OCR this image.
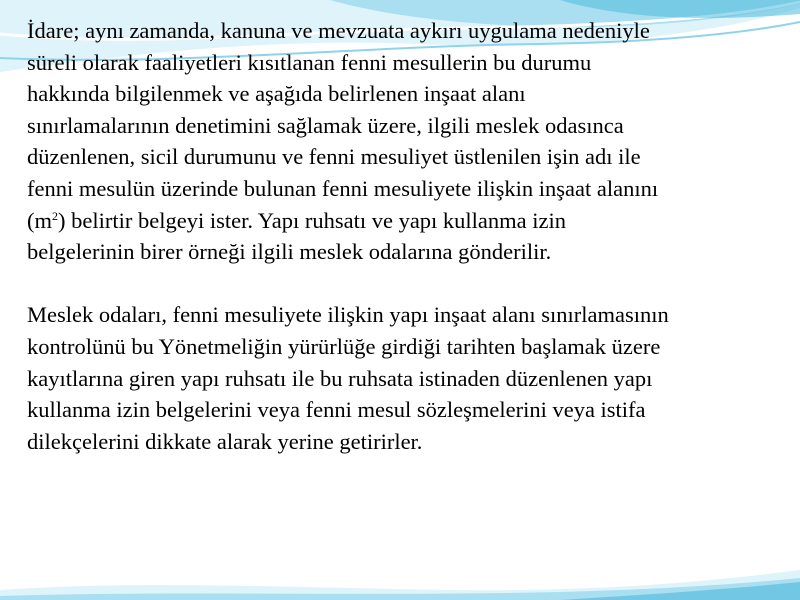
İdare; aynı zamanda, kanuna ve mevzuata aykırı uygulama nedeniyle
süreli olarak faaliyetleri kısıtlanan fenni mesullerin bu durumu
hakkında bilgilenmek ve aşağıda belirlenen inşaat alanı
sınırlamalarının denetimini sağlamak üzere, ilgili meslek odasınca
düzenlenen, sicil durumunu ve fenni mesuliyet üstlenilen işin adı ile
fenni mesulün üzerinde bulunan fenni mesuliyete ilişkin inşaat alanını
$(m^2)$ belirtir belgeyi ister. Yapı ruhsatı ve yapı kullanma izin
belgelerinin birer örneği ilgili meslek odalarına gönderilir.

Meslek odaları, fenni mesuliyete ilişkin yapı inşaat alanı sınırlamasının
kontrolünü bu Yönetmeliğin yürürlüğe girdiği tarihten başlamak üzere
kayıtlarına giren yapı ruhsatı ile bu ruhsata istinaden düzenlenen yapı
kullanma izin belgelerini veya fenni mesul sözleşmelerini veya istifa
dilekçelerini dikkate alarak yerine getirirler.
